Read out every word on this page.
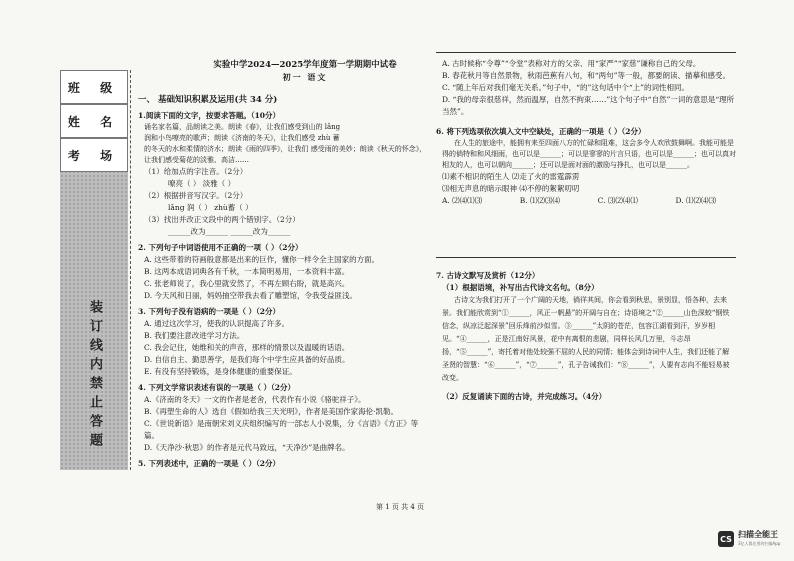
班 级
姓 名
考 场
装订线内禁止答题
实验中学2024—2025学年度第一学期期中试卷
初一 语文
一、 基础知识积累及运用(共 34 分)
1.阅读下面的文字，按要求答题。（10分）
诵名家名篇，品朗读之美。朗读《春》，让我们感受到山的 lǎng
润和小鸟嘹亮的歌声；朗读《济南的冬天》，让我们感受 zhù 蓄
的冬天的水和柔情的济水；朗读《雨的四季》，让我们 感受雨的美妙；朗读《秋天的怀念》，让我们感受菊花的淡雅、高洁……
（1）给加点的字注音。（2分）
嘹亮（ ） 淡雅（ ）
（2）根据拼音写汉字。（2分）
lǎng 润（ ） zhù蓄（ ）
（3）找出并改正文段中的两个错别字。（2分）
______改为______ ______改为______
2. 下列句子中词语使用不正确的一项（ ）（2分）
A. 这些带着的符画般意都是出来的巨作，懂你一样令全主国家的方面。
B. 这两本成语词典各有千秋，一本简明易用，一本资料丰富。
C. 张老师说了，我心里就安然了，不再左顾右盼，就是高兴。
D. 今天风和日丽，妈妈抽空带我去看了雕塑馆，令我受益匪浅。
3. 下列句子没有语病的一项是（ ）（2分）
A. 通过这次学习，使我的认识提高了许多。
B. 我们要注意改进学习方法。
C. 我会记住，她维和关的声音，那样的情景以及温暖的话语。
D. 自信自主、勤思善学，是我们每个中学生应具备的好品质。
E. 有没有坚持锻炼，是身体健康的重要保证。
4. 下列文学常识表述有误的一项是（ ）（2分）
A.《济南的冬天》一文的作者是老舍，代表作有小说《骆驼祥子》。
B.《再塑生命的人》选自《假如给我三天光明》，作者是美国作家海伦·凯勒。
C.《世说新语》是南朝宋刘义庆组织编写的一部志人小说集，分《言语》《方正》等篇。
D.《天净沙·秋思》的作者是元代马致远，“天净沙”是曲牌名。
5. 下列表述中，正确的一项是（ ）（2分）
A. 古时候称“令尊”“令堂”表称对方的父亲、用“家严”“家慈”谦称自己的父母。
B. 春花秋月等自然景物，秋雨芭蕉有八句，和“两句”等一般，都要朗读、描摹和感受。
C. “随上年后对我们毫无关系。”句子中，“的”这句话中个“上”的词性相同。
D. “我的母亲很慈祥，然而温厚，自然不拘束……”这个句子中“自然”一词的意思是“理所当然”。
6. 将下列选项依次填入文中空缺处，正确的一项是（ ）（2分）
在人生的旅途中，能拥有来至四面八方的忙碌和阻难，这会多令人欢欣鼓舞啊。我能可能是得的倘特和和风细雨，也可以是______；可以是寥寥的片言只语，也可以是______；也可以真对相友的人，也可以朝向______；还可以是面对面的激励与挣扎，也可以是______。
⑴素不相识的陌生人 ⑵走了火的雷霆霹雳
⑶相无声息的暗示眼神 ⑷不停的絮絮叨叨
A. ⑵⑷⑴⑶	B. ⑴⑵⑶⑷	C. ⑶⑵⑷⑴	D. ⑴⑵⑷⑶
7. 古诗文默写及赏析（12分）
（1）根据语境，补写出古代诗文名句。（8分）
古诗文为我们打开了一个广阔的天地，徜徉其间，你会看到秋思，景别显，悟各种，去来景。我们能欣赏到“①______，风正一帆悬”的开阔与自在；诗语境之“②______山色深蛟“钢铁信念，纵凉泛起深景”回乐烽前沙似雪。③______”太阴的苍茫，包容江湖看到汗，岁岁相见。“④______，正是江南好风景，花中有离恨的悲剧，同样长风几万里，斗志昂扬，“⑤______”，寄托着对他处较强不屈的人民的同情；能体会到诗词中人生，我们还能了解圣贤的智慧：“⑥______”，“⑦______”，孔子告诫我们：“⑧______”，人要有志向不能轻易被改变。
（2）反复诵读下面的古诗，并完成练习。（4分）
第 1 页 共 4 页
CS 扫描全能王
3亿人都在用的扫描App
